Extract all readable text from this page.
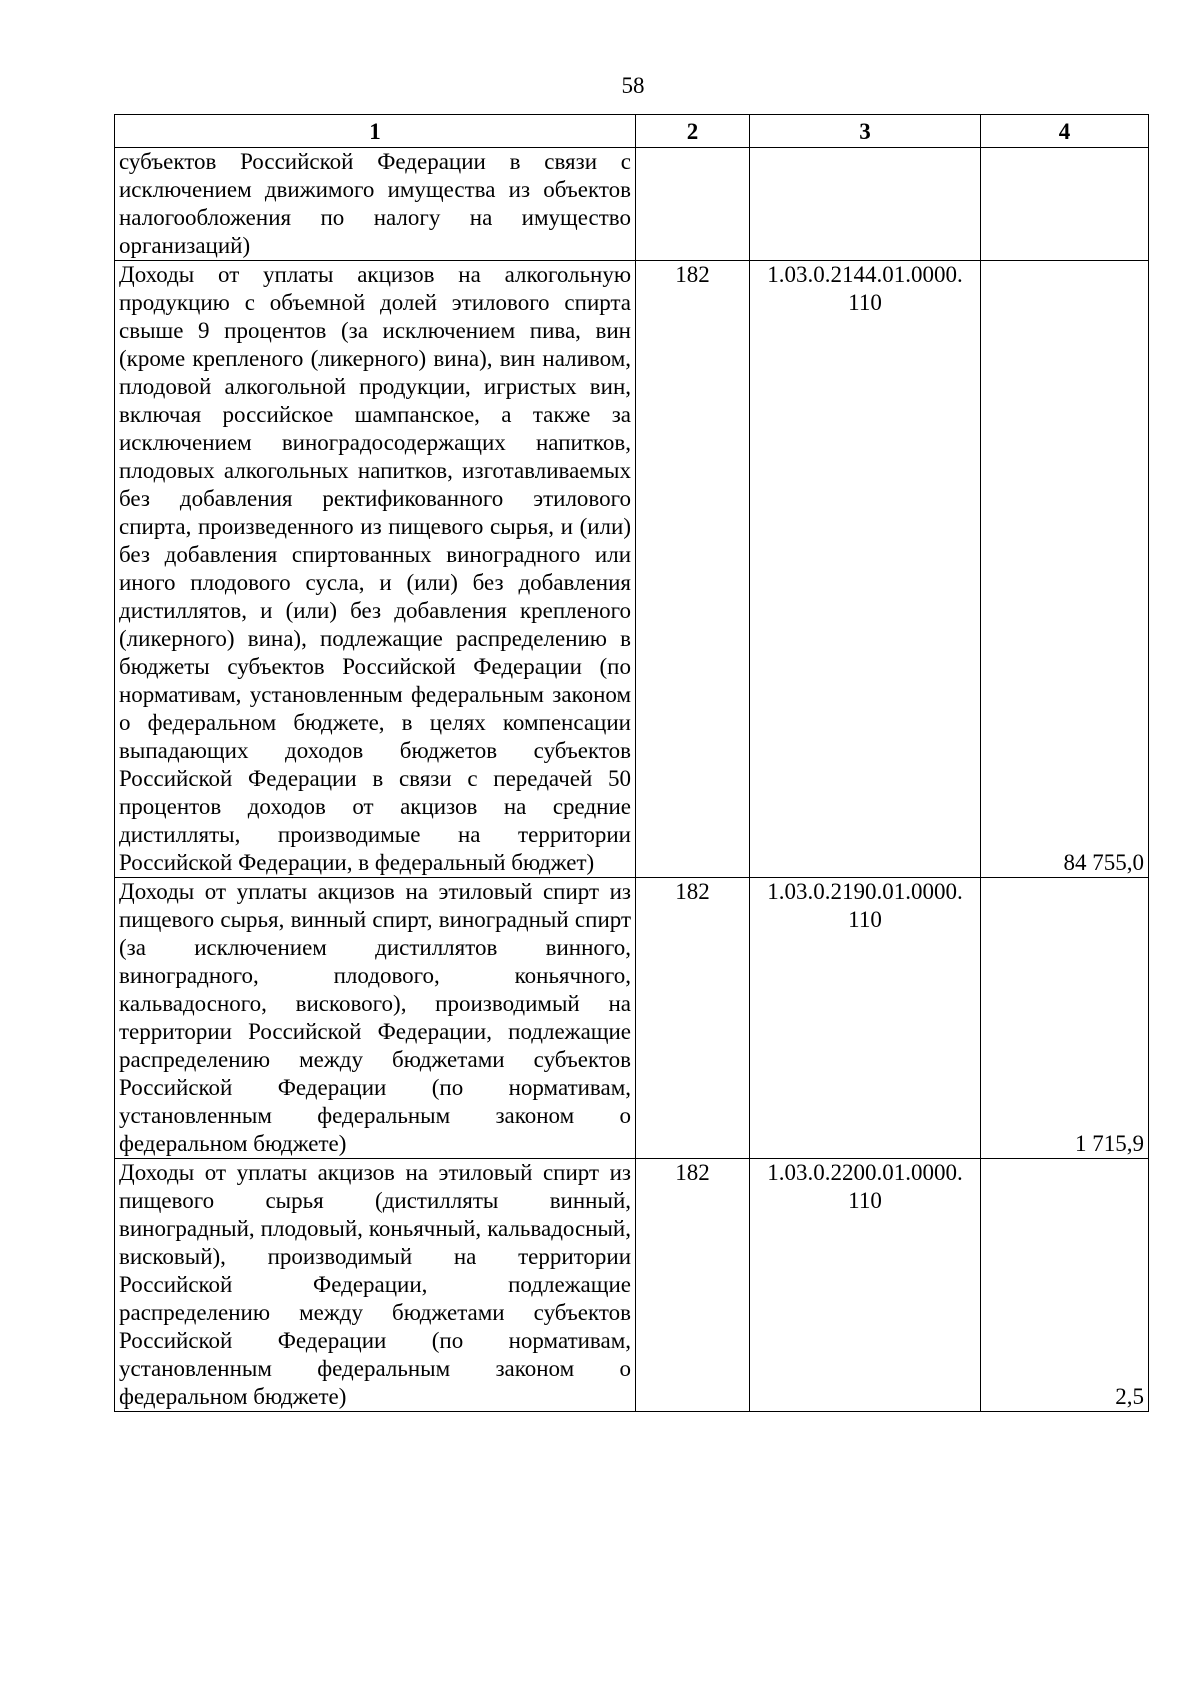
58
1	2	3	4
субъектов Российской Федерации в связи с исключением движимого имущества из объектов налогообложения по налогу на имущество организаций)			
Доходы от уплаты акцизов на алкогольную продукцию с объемной долей этилового спирта свыше 9 процентов (за исключением пива, вин (кроме крепленого (ликерного) вина), вин наливом, плодовой алкогольной продукции, игристых вин, включая российское шампанское, а также за исключением виноградосодержащих напитков, плодовых алкогольных напитков, изготавливаемых без добавления ректификованного этилового спирта, произведенного из пищевого сырья, и (или) без добавления спиртованных виноградного или иного плодового сусла, и (или) без добавления дистиллятов, и (или) без добавления крепленого (ликерного) вина), подлежащие распределению в бюджеты субъектов Российской Федерации (по нормативам, установленным федеральным законом о федеральном бюджете, в целях компенсации выпадающих доходов бюджетов субъектов Российской Федерации в связи с передачей 50 процентов доходов от акцизов на средние дистилляты, производимые на территории Российской Федерации, в федеральный бюджет)	182	1.03.0.2144.01.0000. 110	84 755,0
Доходы от уплаты акцизов на этиловый спирт из пищевого сырья, винный спирт, виноградный спирт (за исключением дистиллятов винного, виноградного, плодового, коньячного, кальвадосного, вискового), производимый на территории Российской Федерации, подлежащие распределению между бюджетами субъектов Российской Федерации (по нормативам, установленным федеральным законом о федеральном бюджете)	182	1.03.0.2190.01.0000. 110	1 715,9
Доходы от уплаты акцизов на этиловый спирт из пищевого сырья (дистилляты винный, виноградный, плодовый, коньячный, кальвадосный, висковый), производимый на территории Российской Федерации, подлежащие распределению между бюджетами субъектов Российской Федерации (по нормативам, установленным федеральным законом о федеральном бюджете)	182	1.03.0.2200.01.0000. 110	2,5
